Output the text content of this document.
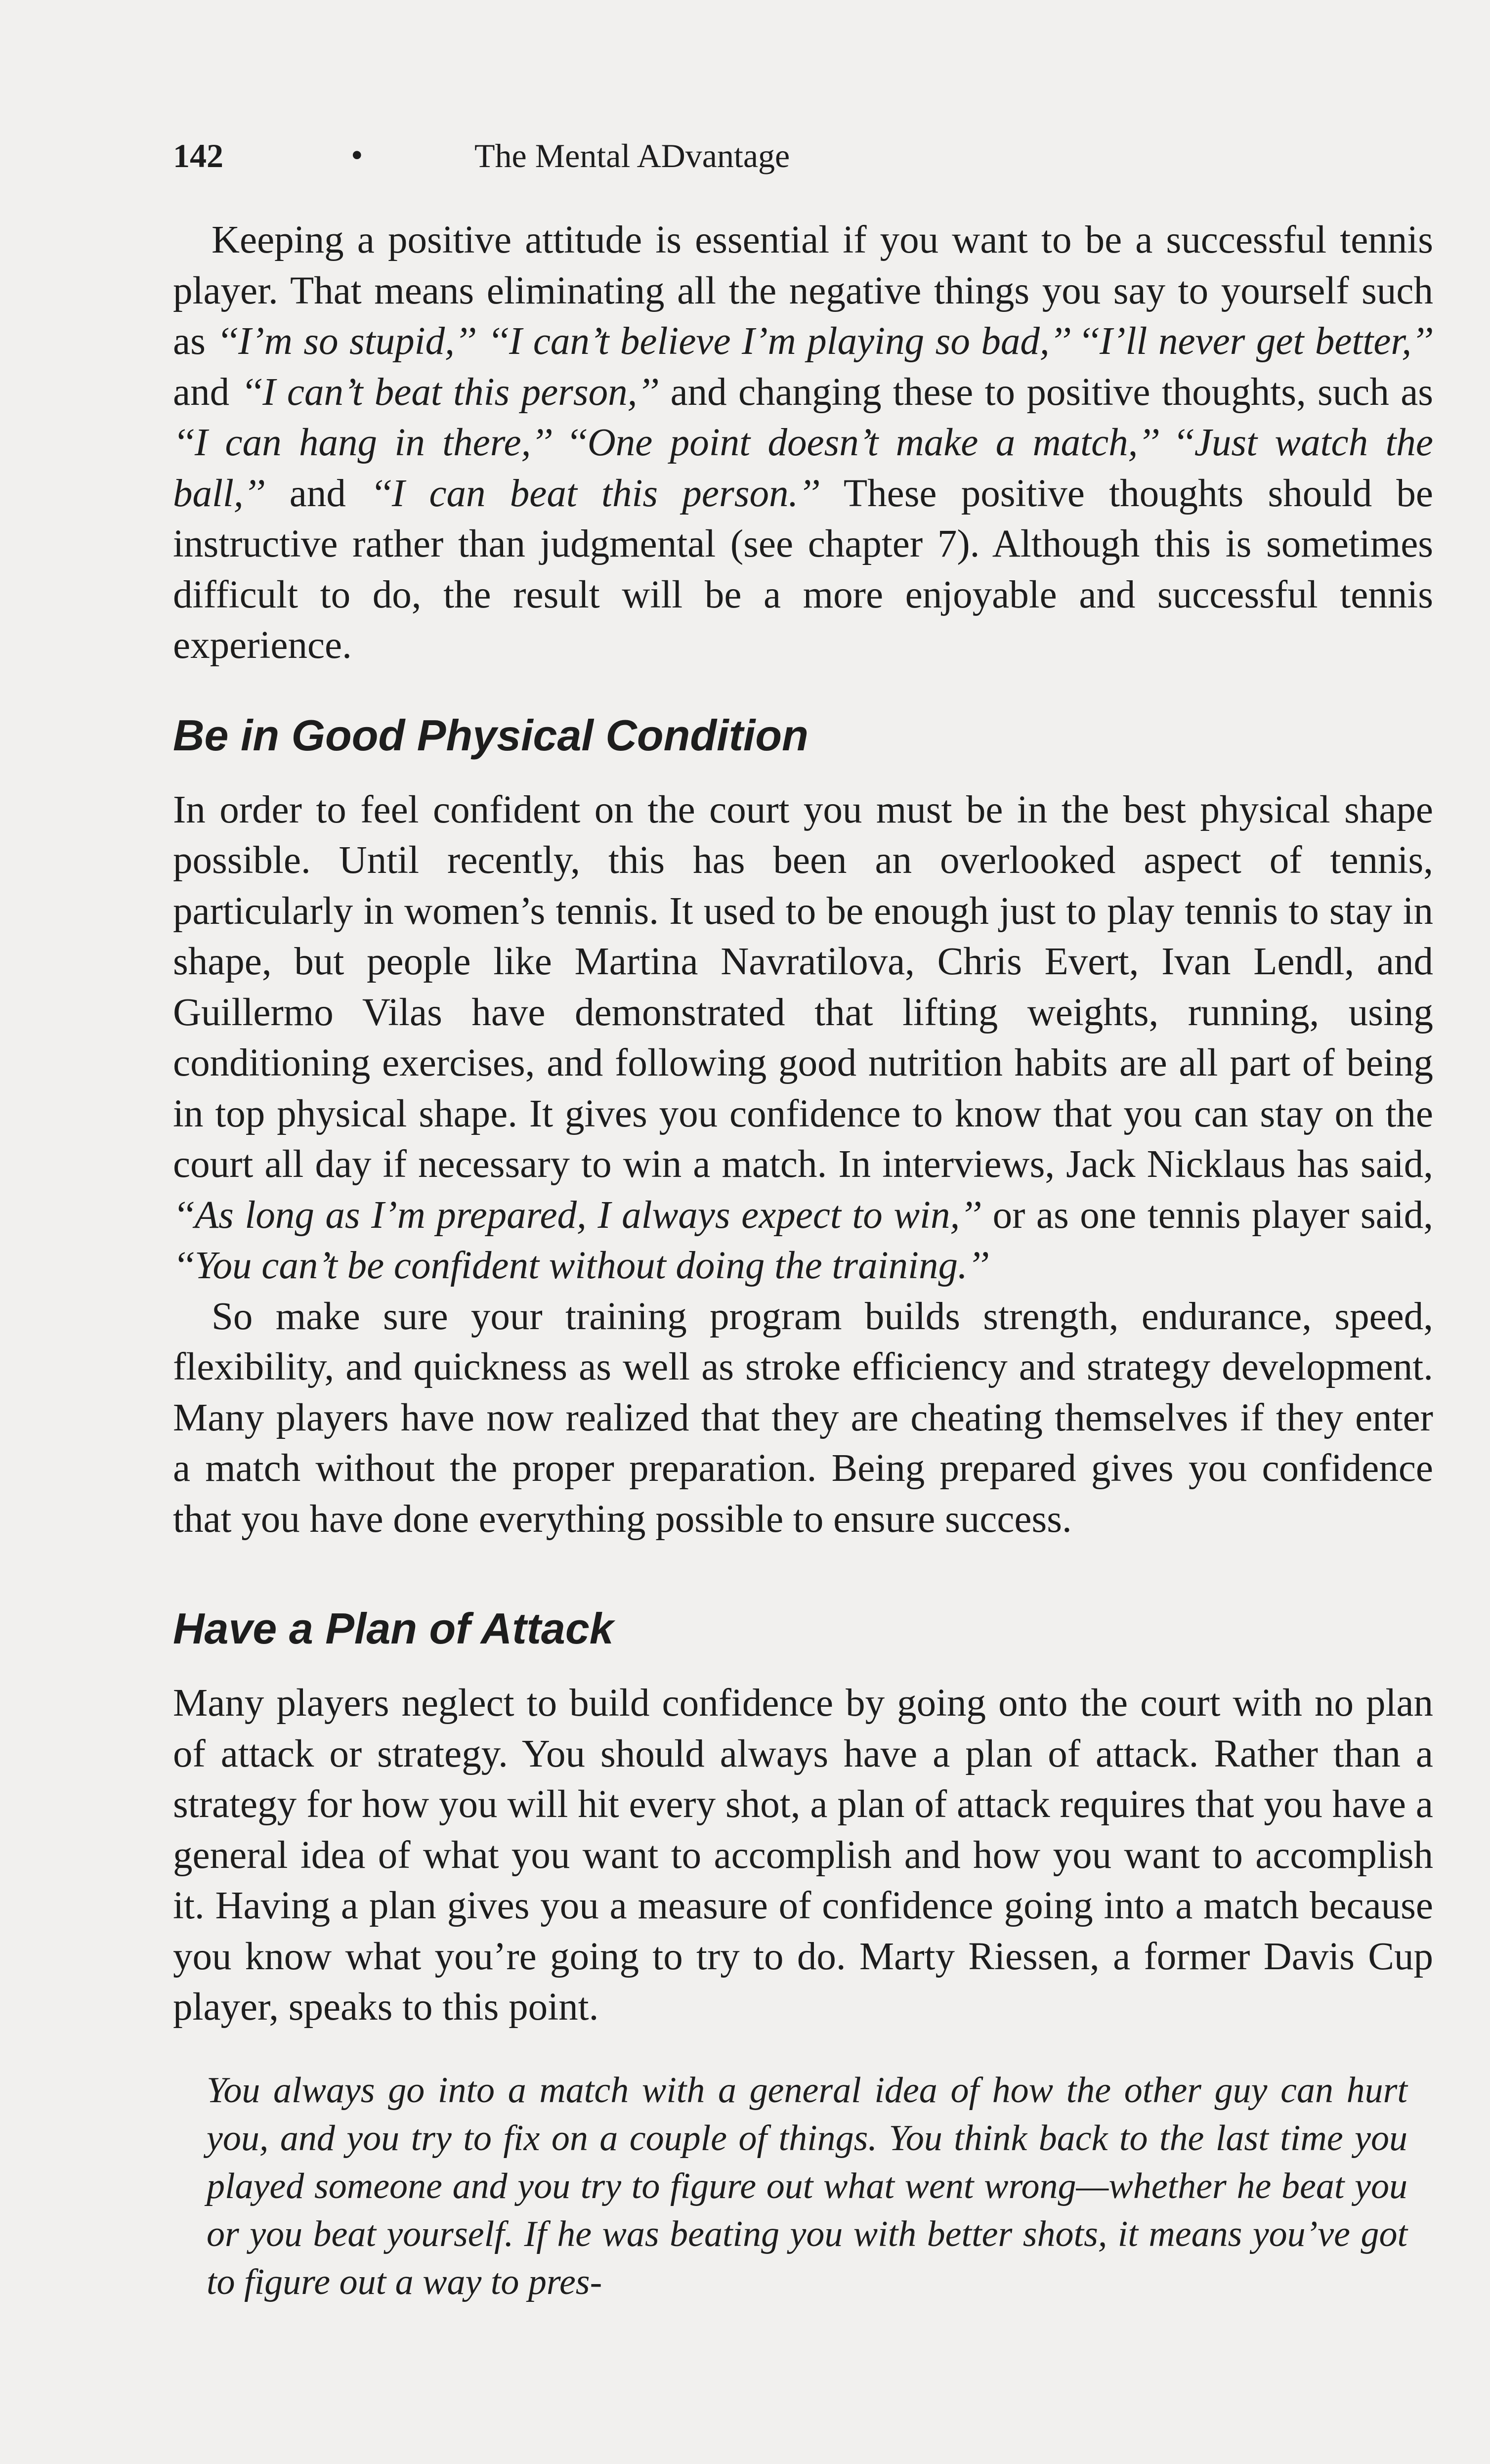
142	•	The Mental ADvantage

Keeping a positive attitude is essential if you want to be a successful tennis player. That means eliminating all the negative things you say to yourself such as ‘‘I’m so stupid,’’ ‘‘I can’t believe I’m playing so bad,’’ ‘‘I’ll never get better,’’ and ‘‘I can’t beat this person,’’ and changing these to positive thoughts, such as ‘‘I can hang in there,’’ ‘‘One point doesn’t make a match,’’ ‘‘Just watch the ball,’’ and ‘‘I can beat this person.’’ These positive thoughts should be instructive rather than judgmental (see chapter 7). Although this is sometimes difficult to do, the result will be a more enjoyable and successful tennis experience.

Be in Good Physical Condition

In order to feel confident on the court you must be in the best physical shape possible. Until recently, this has been an overlooked aspect of tennis, particularly in women’s tennis. It used to be enough just to play tennis to stay in shape, but people like Martina Navratilova, Chris Evert, Ivan Lendl, and Guillermo Vilas have demonstrated that lifting weights, running, using conditioning exercises, and following good nutrition habits are all part of being in top physical shape. It gives you confidence to know that you can stay on the court all day if necessary to win a match. In interviews, Jack Nicklaus has said, ‘‘As long as I’m prepared, I always expect to win,’’ or as one tennis player said, ‘‘You can’t be confident without doing the training.’’

So make sure your training program builds strength, endurance, speed, flexibility, and quickness as well as stroke efficiency and strategy development. Many players have now realized that they are cheating themselves if they enter a match without the proper preparation. Being prepared gives you confidence that you have done everything possible to ensure success.

Have a Plan of Attack

Many players neglect to build confidence by going onto the court with no plan of attack or strategy. You should always have a plan of attack. Rather than a strategy for how you will hit every shot, a plan of attack requires that you have a general idea of what you want to accomplish and how you want to accomplish it. Having a plan gives you a measure of confidence going into a match because you know what you’re going to try to do. Marty Riessen, a former Davis Cup player, speaks to this point.

You always go into a match with a general idea of how the other guy can hurt you, and you try to fix on a couple of things. You think back to the last time you played someone and you try to figure out what went wrong—whether he beat you or you beat yourself. If he was beating you with better shots, it means you’ve got to figure out a way to pres-
